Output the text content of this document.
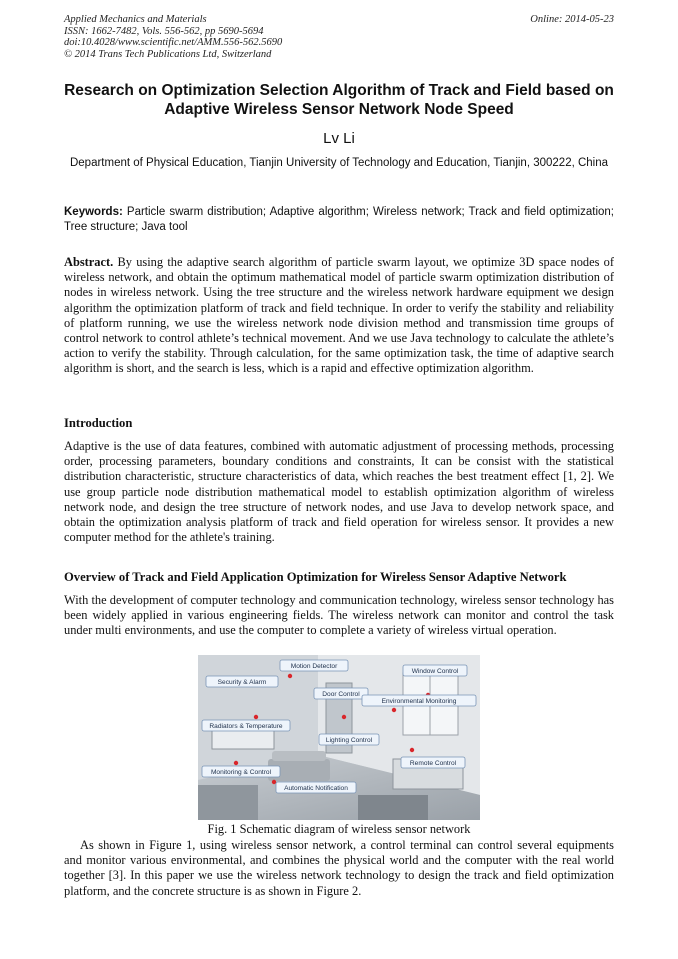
Applied Mechanics and Materials
ISSN: 1662-7482, Vols. 556-562, pp 5690-5694
doi:10.4028/www.scientific.net/AMM.556-562.5690
© 2014 Trans Tech Publications Ltd, Switzerland
Online: 2014-05-23
Research on Optimization Selection Algorithm of Track and Field based on Adaptive Wireless Sensor Network Node Speed
Lv Li
Department of Physical Education, Tianjin University of Technology and Education, Tianjin, 300222, China
Keywords: Particle swarm distribution; Adaptive algorithm; Wireless network; Track and field optimization; Tree structure; Java tool
Abstract. By using the adaptive search algorithm of particle swarm layout, we optimize 3D space nodes of wireless network, and obtain the optimum mathematical model of particle swarm optimization distribution of nodes in wireless network. Using the tree structure and the wireless network hardware equipment we design algorithm the optimization platform of track and field technique. In order to verify the stability and reliability of platform running, we use the wireless network node division method and transmission time groups of control network to control athlete’s technical movement. And we use Java technology to calculate the athlete’s action to verify the stability. Through calculation, for the same optimization task, the time of adaptive search algorithm is short, and the search is less, which is a rapid and effective optimization algorithm.
Introduction
Adaptive is the use of data features, combined with automatic adjustment of processing methods, processing order, processing parameters, boundary conditions and constraints, It can be consist with the statistical distribution characteristic, structure characteristics of data, which reaches the best treatment effect [1, 2]. We use group particle node distribution mathematical model to establish optimization algorithm of wireless network node, and design the tree structure of network nodes, and use Java to develop network space, and obtain the optimization analysis platform of track and field operation for wireless sensor. It provides a new computer method for the athlete's training.
Overview of Track and Field Application Optimization for Wireless Sensor Adaptive Network
With the development of computer technology and communication technology, wireless sensor technology has been widely applied in various engineering fields. The wireless network can monitor and control the task under multi environments, and use the computer to complete a variety of wireless virtual operation.
Motion Detector
Security & Alarm
Window Control
Door Control
Environmental Monitoring
Radiators & Temperature
Lighting Control
Remote Control
Monitoring & Control
Automatic Notification
Fig. 1 Schematic diagram of wireless sensor network
As shown in Figure 1, using wireless sensor network, a control terminal can control several equipments and monitor various environmental, and combines the physical world and the computer with the real world together [3]. In this paper we use the wireless network technology to design the track and field optimization platform, and the concrete structure is as shown in Figure 2.
